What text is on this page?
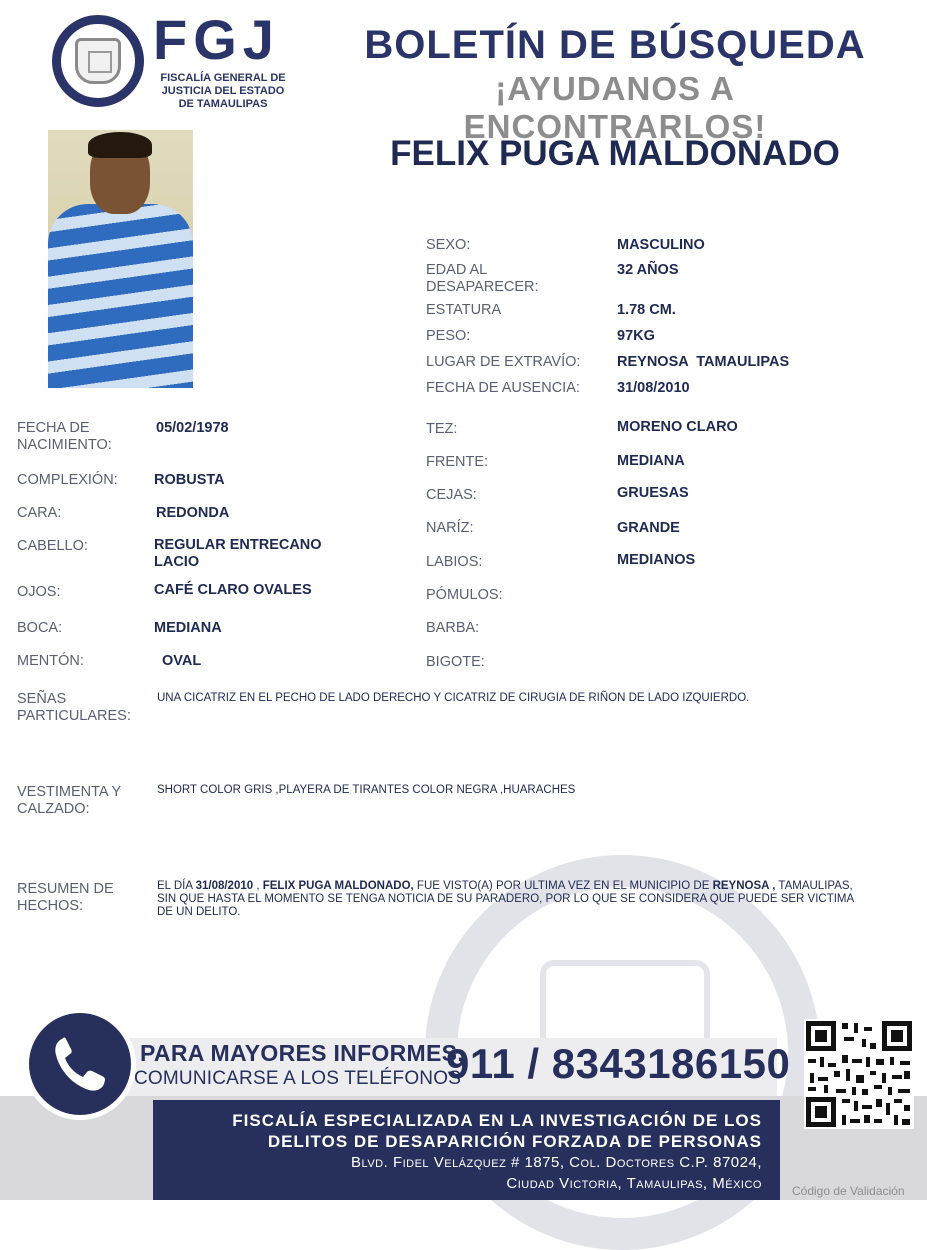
FGJ
FISCALÍA GENERAL DE
JUSTICIA DEL ESTADO
DE TAMAULIPAS
BOLETÍN DE BÚSQUEDA
¡AYUDANOS A ENCONTRARLOS!
FELIX PUGA MALDONADO
SEXO:	MASCULINO
EDAD AL
DESAPARECER:
32 AÑOS
ESTATURA	1.78 CM.
PESO:	97KG
LUGAR DE EXTRAVÍO:	REYNOSA  TAMAULIPAS
FECHA DE AUSENCIA:	31/08/2010
FECHA DE
NACIMIENTO:
05/02/1978
COMPLEXIÓN:	ROBUSTA
CARA:	REDONDA
CABELLO:	REGULAR ENTRECANO
LACIO
OJOS:	CAFÉ CLARO OVALES
BOCA:	MEDIANA
MENTÓN:	OVAL
TEZ:	MORENO CLARO
FRENTE:	MEDIANA
CEJAS:	GRUESAS
NARÍZ:	GRANDE
LABIOS:	MEDIANOS
PÓMULOS:
BARBA:
BIGOTE:
SEÑAS
PARTICULARES:
UNA CICATRIZ EN EL PECHO DE LADO DERECHO Y CICATRIZ DE CIRUGIA DE RIÑON DE LADO IZQUIERDO.
VESTIMENTA Y
CALZADO:
SHORT COLOR GRIS ,PLAYERA DE TIRANTES COLOR NEGRA ,HUARACHES
RESUMEN DE
HECHOS:
EL DÍA 31/08/2010 , FELIX PUGA MALDONADO, FUE VISTO(A) POR ULTIMA VEZ EN EL MUNICIPIO DE REYNOSA , TAMAULIPAS, SIN QUE HASTA EL MOMENTO SE TENGA NOTICIA DE SU PARADERO, POR LO QUE SE CONSIDERA QUE PUEDE SER VICTIMA DE UN DELITO.
PARA MAYORES INFORMES,
COMUNICARSE A LOS TELÉFONOS
911 / 8343186150
FISCALÍA ESPECIALIZADA EN LA INVESTIGACIÓN DE LOS
DELITOS DE DESAPARICIÓN FORZADA DE PERSONAS
Blvd. Fidel Velázquez # 1875, Col. Doctores C.P. 87024,
Ciudad Victoria, Tamaulipas, México	Código de Validación
